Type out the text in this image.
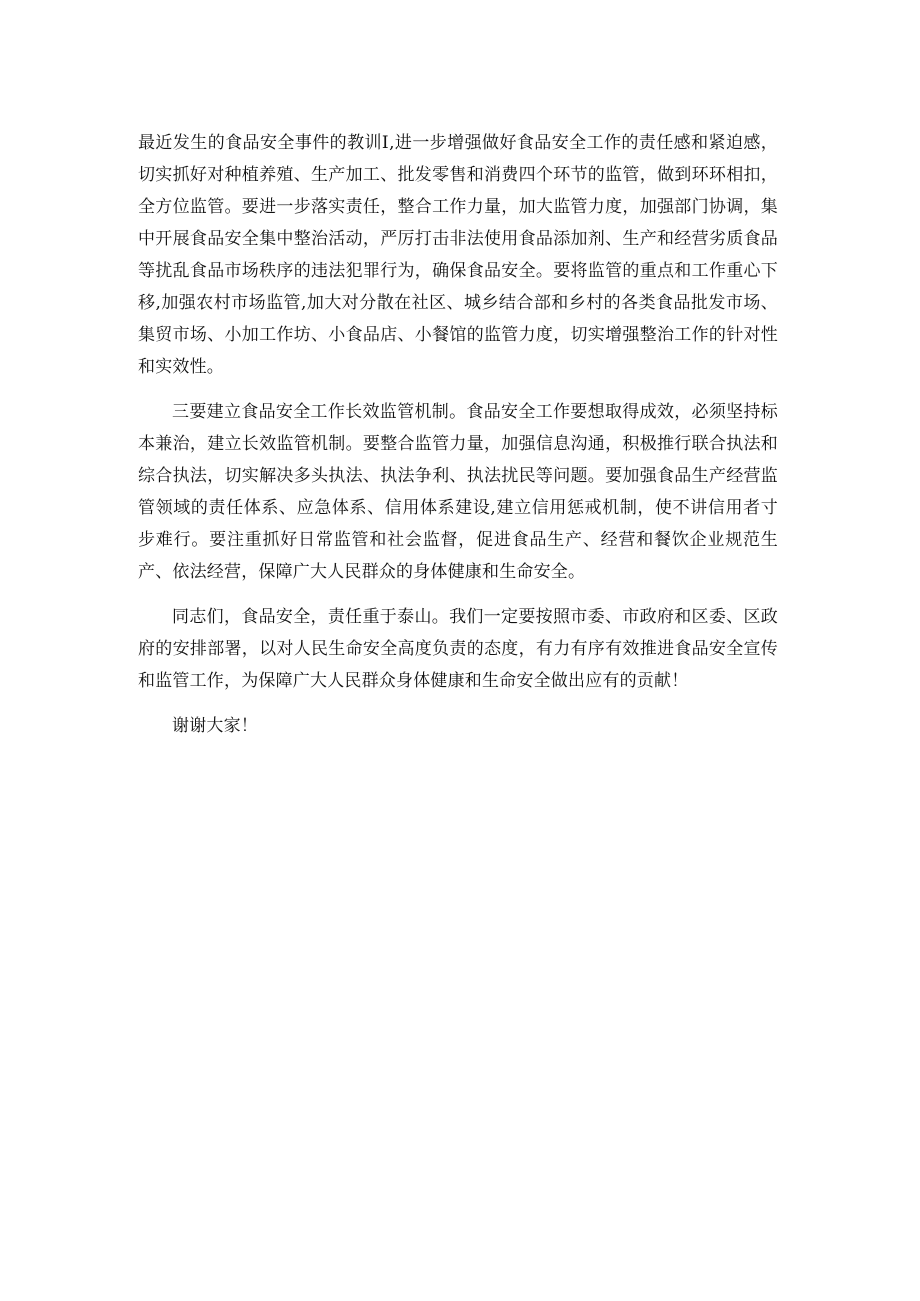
最近发生的食品安全事件的教训Ⅰ,进一步增强做好食品安全工作的责任感和紧迫感，切实抓好对种植养殖、生产加工、批发零售和消费四个环节的监管，做到环环相扣，全方位监管。要进一步落实责任，整合工作力量，加大监管力度，加强部门协调，集中开展食品安全集中整治活动，严厉打击非法使用食品添加剂、生产和经营劣质食品等扰乱食品市场秩序的违法犯罪行为，确保食品安全。要将监管的重点和工作重心下移,加强农村市场监管,加大对分散在社区、城乡结合部和乡村的各类食品批发市场、集贸市场、小加工作坊、小食品店、小餐馆的监管力度，切实增强整治工作的针对性和实效性。

三要建立食品安全工作长效监管机制。食品安全工作要想取得成效，必须坚持标本兼治，建立长效监管机制。要整合监管力量，加强信息沟通，积极推行联合执法和综合执法，切实解决多头执法、执法争利、执法扰民等问题。要加强食品生产经营监管领域的责任体系、应急体系、信用体系建设,建立信用惩戒机制，使不讲信用者寸步难行。要注重抓好日常监管和社会监督，促进食品生产、经营和餐饮企业规范生产、依法经营，保障广大人民群众的身体健康和生命安全。

同志们，食品安全，责任重于泰山。我们一定要按照市委、市政府和区委、区政府的安排部署，以对人民生命安全高度负责的态度，有力有序有效推进食品安全宣传和监管工作，为保障广大人民群众身体健康和生命安全做出应有的贡献！

谢谢大家！
